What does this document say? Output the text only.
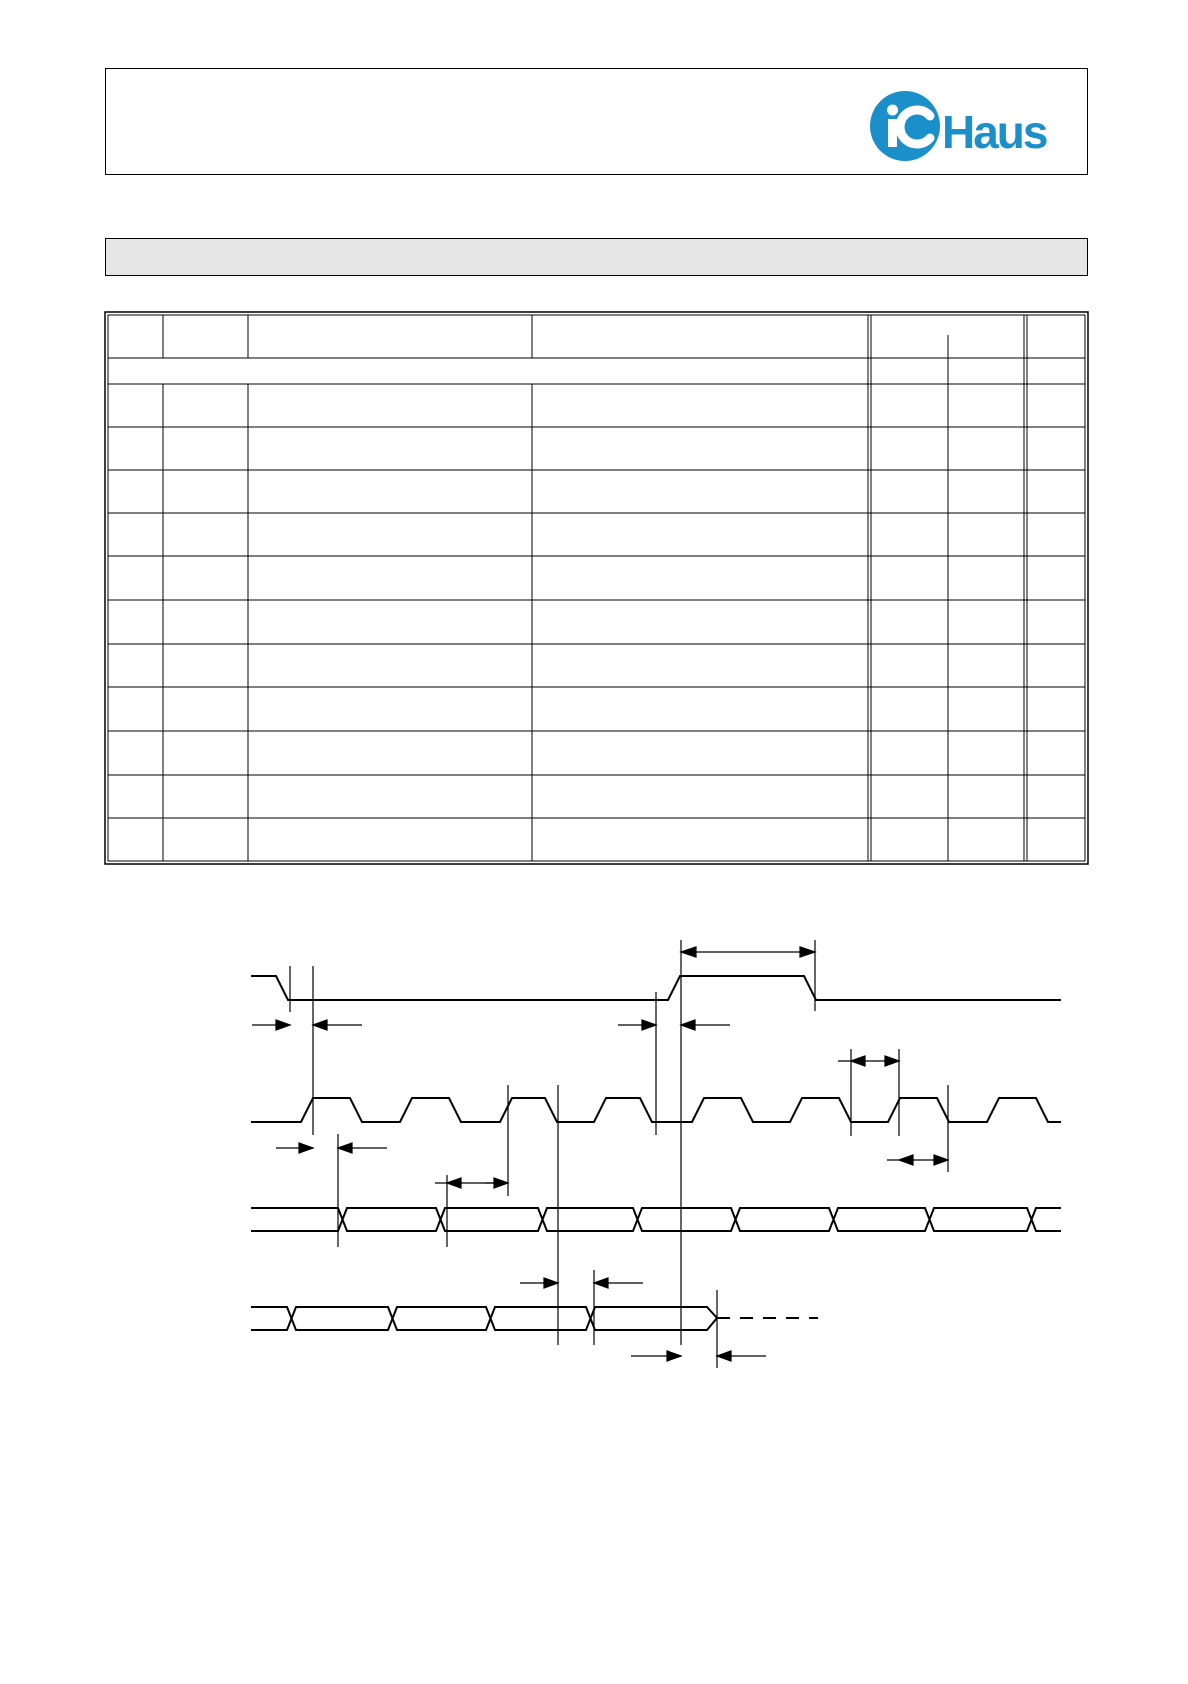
Haus
